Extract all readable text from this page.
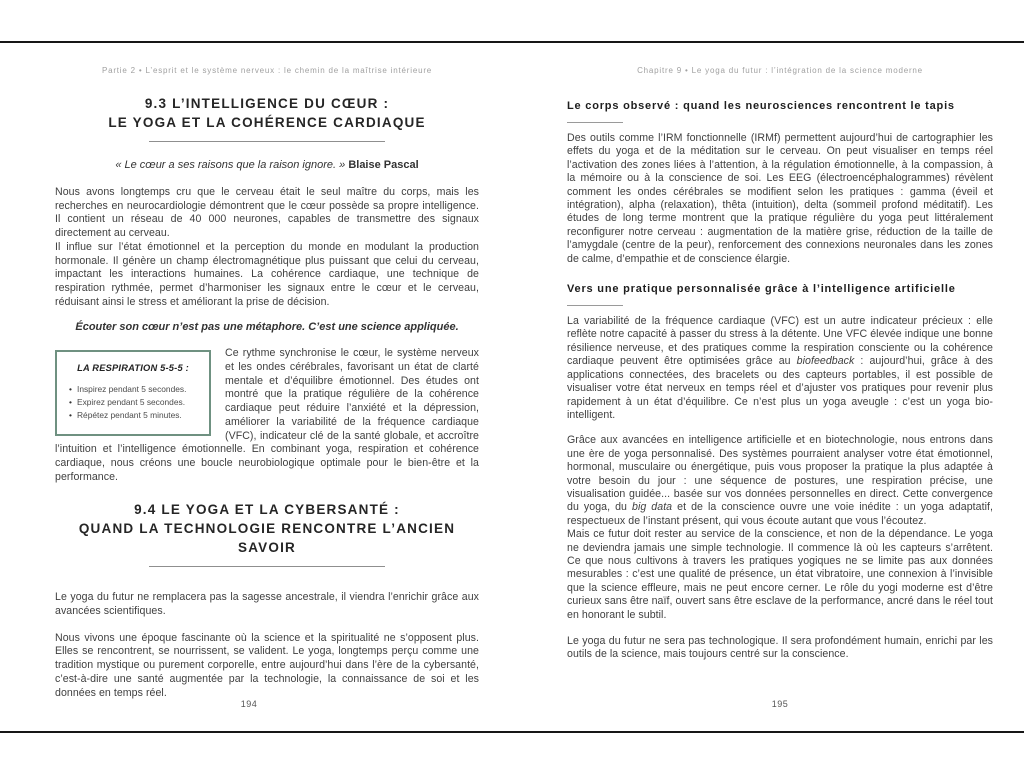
Partie 2 • L’esprit et le système nerveux : le chemin de la maîtrise intérieure
9.3 L’INTELLIGENCE DU CŒUR :
LE YOGA ET LA COHÉRENCE CARDIAQUE

« Le cœur a ses raisons que la raison ignore. » Blaise Pascal

Nous avons longtemps cru que le cerveau était le seul maître du corps, mais les recherches en neurocardiologie démontrent que le cœur possède sa propre intelligence. Il contient un réseau de 40 000 neurones, capables de transmettre des signaux directement au cerveau.

Il influe sur l’état émotionnel et la perception du monde en modulant la production hormonale. Il génère un champ électromagnétique plus puissant que celui du cerveau, impactant les interactions humaines. La cohérence cardiaque, une technique de respiration rythmée, permet d’harmoniser les signaux entre le cœur et le cerveau, réduisant ainsi le stress et améliorant la prise de décision.

Écouter son cœur n’est pas une métaphore. C’est une science appliquée.

LA RESPIRATION 5-5-5 :
• Inspirez pendant 5 secondes.
• Expirez pendant 5 secondes.
• Répétez pendant 5 minutes.

Ce rythme synchronise le cœur, le système nerveux et les ondes cérébrales, favorisant un état de clarté mentale et d’équilibre émotionnel. Des études ont montré que la pratique régulière de la cohérence cardiaque peut réduire l’anxiété et la dépression, améliorer la variabilité de la fréquence cardiaque (VFC), indicateur clé de la santé globale, et accroître l’intuition et l’intelligence émotionnelle. En combinant yoga, respiration et cohérence cardiaque, nous créons une boucle neurobiologique optimale pour le bien-être et la performance.

9.4 LE YOGA ET LA CYBERSANTÉ :
QUAND LA TECHNOLOGIE RENCONTRE L’ANCIEN SAVOIR

Le yoga du futur ne remplacera pas la sagesse ancestrale, il viendra l’enrichir grâce aux avancées scientifiques.

Nous vivons une époque fascinante où la science et la spiritualité ne s’opposent plus. Elles se rencontrent, se nourrissent, se valident. Le yoga, longtemps perçu comme une tradition mystique ou purement corporelle, entre aujourd’hui dans l’ère de la cybersanté, c’est-à-dire une santé augmentée par la technologie, la connaissance de soi et les données en temps réel.

194
Chapitre 9 • Le yoga du futur : l’intégration de la science moderne
Le corps observé : quand les neurosciences rencontrent le tapis

Des outils comme l’IRM fonctionnelle (IRMf) permettent aujourd’hui de cartographier les effets du yoga et de la méditation sur le cerveau. On peut visualiser en temps réel l’activation des zones liées à l’attention, à la régulation émotionnelle, à la compassion, à la mémoire ou à la conscience de soi. Les EEG (électroencéphalogrammes) révèlent comment les ondes cérébrales se modifient selon les pratiques : gamma (éveil et intégration), alpha (relaxation), thêta (intuition), delta (sommeil profond méditatif). Les études de long terme montrent que la pratique régulière du yoga peut littéralement reconfigurer notre cerveau : augmentation de la matière grise, réduction de la taille de l’amygdale (centre de la peur), renforcement des connexions neuronales dans les zones de calme, d’empathie et de conscience élargie.

Vers une pratique personnalisée grâce à l’intelligence artificielle

La variabilité de la fréquence cardiaque (VFC) est un autre indicateur précieux : elle reflète notre capacité à passer du stress à la détente. Une VFC élevée indique une bonne résilience nerveuse, et des pratiques comme la respiration consciente ou la cohérence cardiaque peuvent être optimisées grâce au biofeedback : aujourd’hui, grâce à des applications connectées, des bracelets ou des capteurs portables, il est possible de visualiser votre état nerveux en temps réel et d’ajuster vos pratiques pour revenir plus rapidement à un état d’équilibre. Ce n’est plus un yoga aveugle : c’est un yoga bio-intelligent.

Grâce aux avancées en intelligence artificielle et en biotechnologie, nous entrons dans une ère de yoga personnalisé. Des systèmes pourraient analyser votre état émotionnel, hormonal, musculaire ou énergétique, puis vous proposer la pratique la plus adaptée à votre besoin du jour : une séquence de postures, une respiration précise, une visualisation guidée... basée sur vos données personnelles en direct. Cette convergence du yoga, du big data et de la conscience ouvre une voie inédite : un yoga adaptatif, respectueux de l’instant présent, qui vous écoute autant que vous l’écoutez.

Mais ce futur doit rester au service de la conscience, et non de la dépendance. Le yoga ne deviendra jamais une simple technologie. Il commence là où les capteurs s’arrêtent. Ce que nous cultivons à travers les pratiques yogiques ne se limite pas aux données mesurables : c’est une qualité de présence, un état vibratoire, une connexion à l’invisible que la science effleure, mais ne peut encore cerner. Le rôle du yogi moderne est d’être curieux sans être naïf, ouvert sans être esclave de la performance, ancré dans le réel tout en honorant le subtil.

Le yoga du futur ne sera pas technologique. Il sera profondément humain, enrichi par les outils de la science, mais toujours centré sur la conscience.

195
